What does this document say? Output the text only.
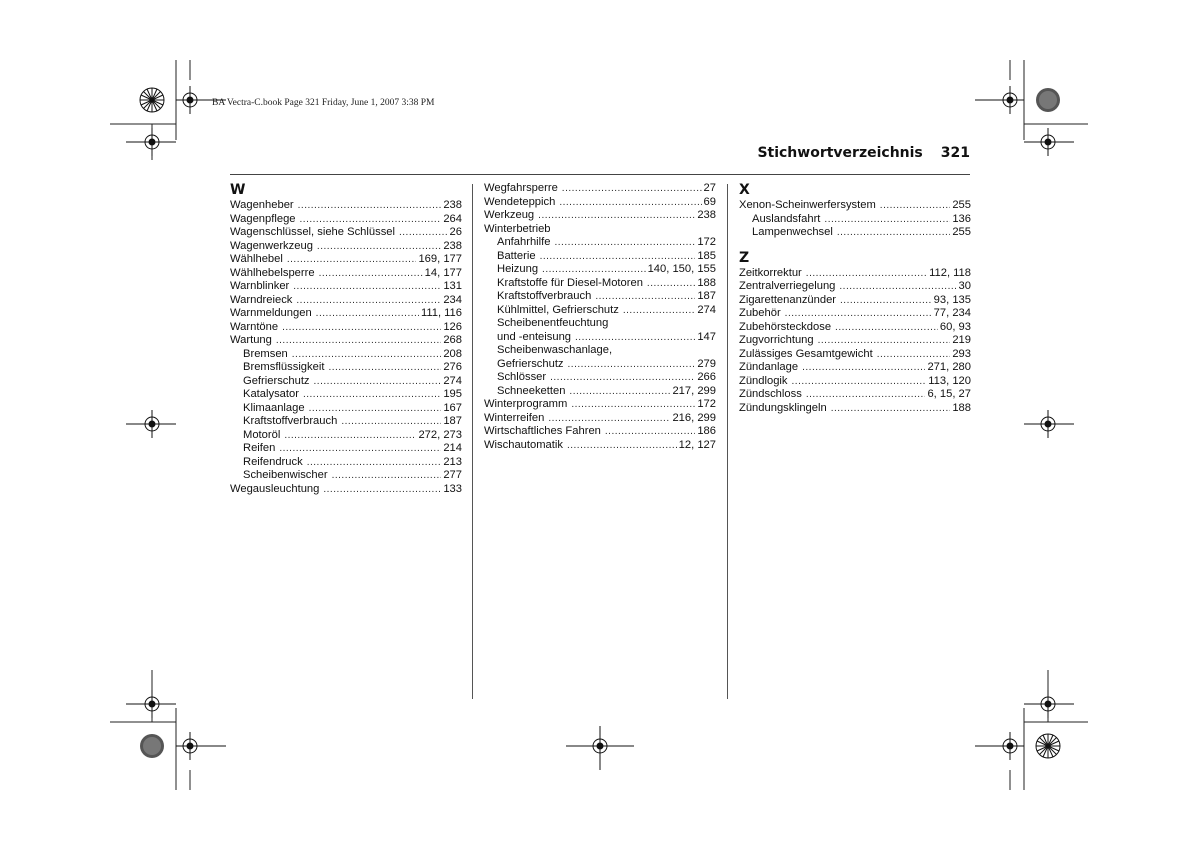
BA Vectra-C.book Page 321 Friday, June 1, 2007 3:38 PM
Stichwortverzeichnis 321
W
Wagenheber .....	238
Wagenpflege .....	264
Wagenschlüssel, siehe Schlüssel .....	26
Wagenwerkzeug .....	238
Wählhebel .....	169, 177
Wählhebelsperre .....	14, 177
Warnblinker .....	131
Warndreieck .....	234
Warnmeldungen .....	111, 116
Warntöne .....	126
Wartung .....	268
Bremsen .....	208
Bremsflüssigkeit .....	276
Gefrierschutz .....	274
Katalysator .....	195
Klimaanlage .....	167
Kraftstoffverbrauch .....	187
Motoröl .....	272, 273
Reifen .....	214
Reifendruck .....	213
Scheibenwischer .....	277
Wegausleuchtung .....	133
Wegfahrsperre .....	27
Wendeteppich .....	69
Werkzeug .....	238
Winterbetrieb
Anfahrhilfe .....	172
Batterie .....	185
Heizung .....	140, 150, 155
Kraftstoffe für Diesel-Motoren .....	188
Kraftstoffverbrauch .....	187
Kühlmittel, Gefrierschutz .....	274
Scheibenentfeuchtung
und -enteisung .....	147
Scheibenwaschanlage,
Gefrierschutz .....	279
Schlösser .....	266
Schneeketten .....	217, 299
Winterprogramm .....	172
Winterreifen .....	216, 299
Wirtschaftliches Fahren .....	186
Wischautomatik .....	12, 127
X
Xenon-Scheinwerfersystem .....	255
Auslandsfahrt .....	136
Lampenwechsel .....	255
Z
Zeitkorrektur .....	112, 118
Zentralverriegelung .....	30
Zigarettenanzünder .....	93, 135
Zubehör .....	77, 234
Zubehörsteckdose .....	60, 93
Zugvorrichtung .....	219
Zulässiges Gesamtgewicht .....	293
Zündanlage .....	271, 280
Zündlogik .....	113, 120
Zündschloss .....	6, 15, 27
Zündungsklingeln .....	188
